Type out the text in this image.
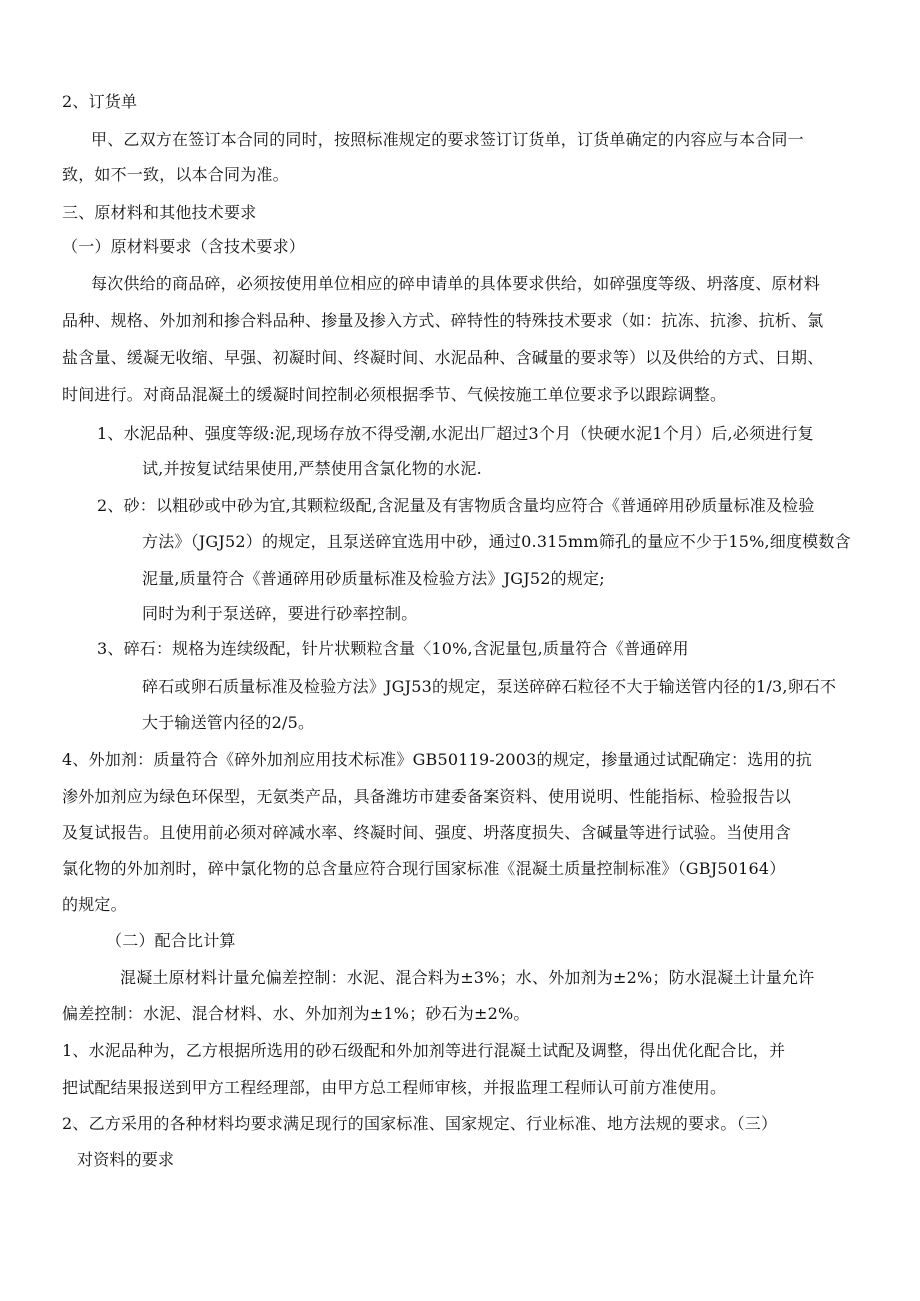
2、订货单
甲、乙双方在签订本合同的同时，按照标准规定的要求签订订货单，订货单确定的内容应与本合同一
致，如不一致，以本合同为准。
三、原材料和其他技术要求
（一）原材料要求（含技术要求）
每次供给的商品碎，必须按使用单位相应的碎申请单的具体要求供给，如碎强度等级、坍落度、原材料
品种、规格、外加剂和掺合料品种、掺量及掺入方式、碎特性的特殊技术要求（如：抗冻、抗渗、抗析、氯
盐含量、缓凝无收缩、早强、初凝时间、终凝时间、水泥品种、含碱量的要求等）以及供给的方式、日期、
时间进行。对商品混凝土的缓凝时间控制必须根据季节、气候按施工单位要求予以跟踪调整。
1、水泥品种、强度等级:泥,现场存放不得受潮,水泥出厂超过3个月（快硬水泥1个月）后,必须进行复
试,并按复试结果使用,严禁使用含氯化物的水泥.
2、砂：以粗砂或中砂为宜,其颗粒级配,含泥量及有害物质含量均应符合《普通碎用砂质量标准及检验
方法》（JGJ52）的规定，且泵送碎宜选用中砂，通过0.315mm筛孔的量应不少于15%,细度模数含
泥量,质量符合《普通碎用砂质量标准及检验方法》JGJ52的规定;
同时为利于泵送碎，要进行砂率控制。
3、碎石：规格为连续级配，针片状颗粒含量〈10%,含泥量包,质量符合《普通碎用
碎石或卵石质量标准及检验方法》JGJ53的规定，泵送碎碎石粒径不大于输送管内径的1/3,卵石不
大于输送管内径的2/5。
4、外加剂：质量符合《碎外加剂应用技术标准》GB50119-2003的规定，掺量通过试配确定：选用的抗
渗外加剂应为绿色环保型，无氨类产品，具备潍坊市建委备案资料、使用说明、性能指标、检验报告以
及复试报告。且使用前必须对碎减水率、终凝时间、强度、坍落度损失、含碱量等进行试验。当使用含
氯化物的外加剂时，碎中氯化物的总含量应符合现行国家标准《混凝土质量控制标准》（GBJ50164）
的规定。
（二）配合比计算
混凝土原材料计量允偏差控制：水泥、混合料为±3%；水、外加剂为±2%；防水混凝土计量允许
偏差控制：水泥、混合材料、水、外加剂为±1%；砂石为±2%。
1、水泥品种为，乙方根据所选用的砂石级配和外加剂等进行混凝土试配及调整，得出优化配合比，并
把试配结果报送到甲方工程经理部，由甲方总工程师审核，并报监理工程师认可前方准使用。
2、乙方采用的各种材料均要求满足现行的国家标准、国家规定、行业标准、地方法规的要求。（三）
对资料的要求
